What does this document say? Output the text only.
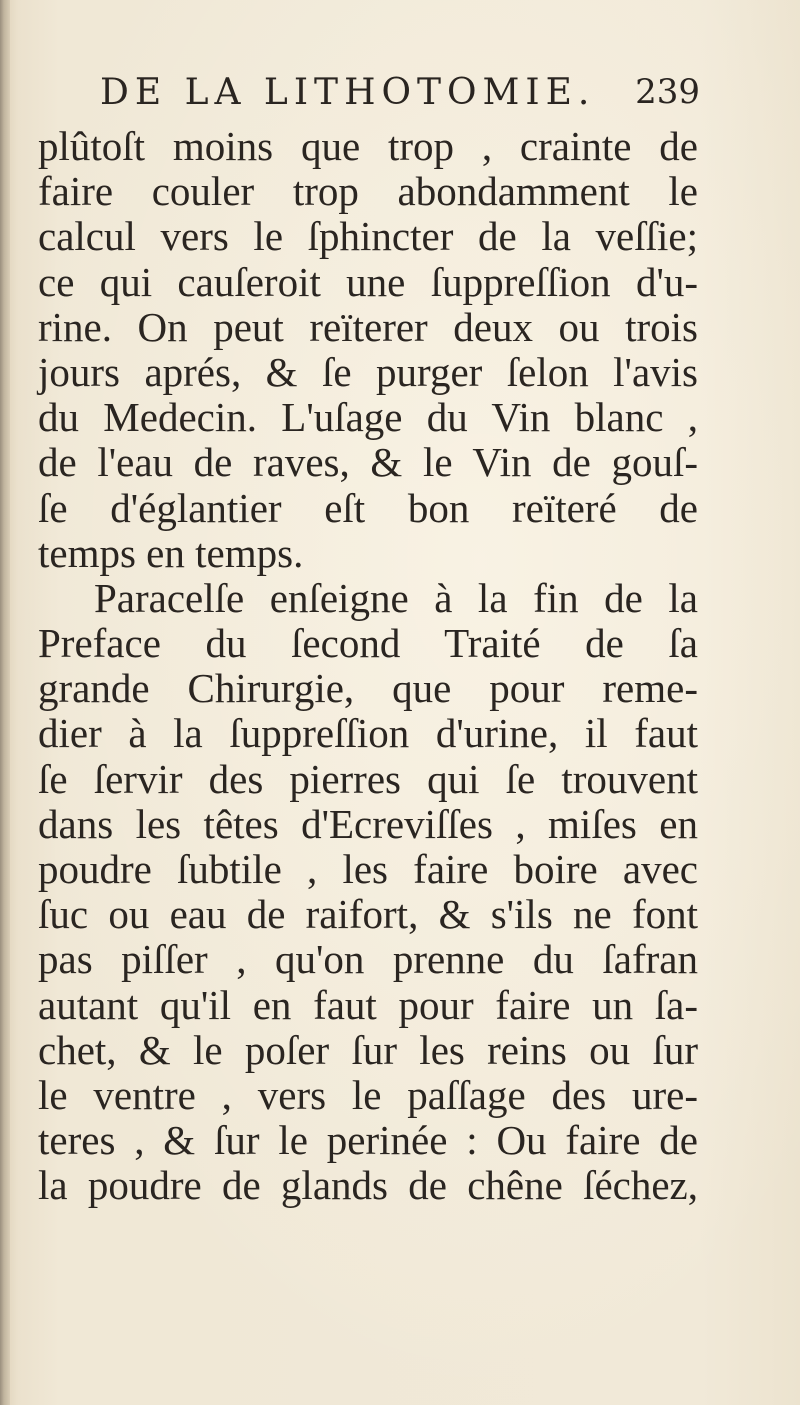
DE LA LITHOTOMIE. 239
plûtoſt moins que trop , crainte de
faire couler trop abondamment le
calcul vers le ſphincter de la veſſie;
ce qui cauſeroit une ſuppreſſion d'u-
rine. On peut reïterer deux ou trois
jours aprés, & ſe purger ſelon l'avis
du Medecin. L'uſage du Vin blanc ,
de l'eau de raves, & le Vin de gouſ-
ſe d'églantier eſt bon reïteré de
temps en temps.
Paracelſe enſeigne à la fin de la
Preface du ſecond Traité de ſa
grande Chirurgie, que pour reme-
dier à la ſuppreſſion d'urine, il faut
ſe ſervir des pierres qui ſe trouvent
dans les têtes d'Ecreviſſes , miſes en
poudre ſubtile , les faire boire avec
ſuc ou eau de raifort, & s'ils ne font
pas piſſer , qu'on prenne du ſafran
autant qu'il en faut pour faire un ſa-
chet, & le poſer ſur les reins ou ſur
le ventre , vers le paſſage des ure-
teres , & ſur le perinée : Ou faire de
la poudre de glands de chêne ſéchez,
